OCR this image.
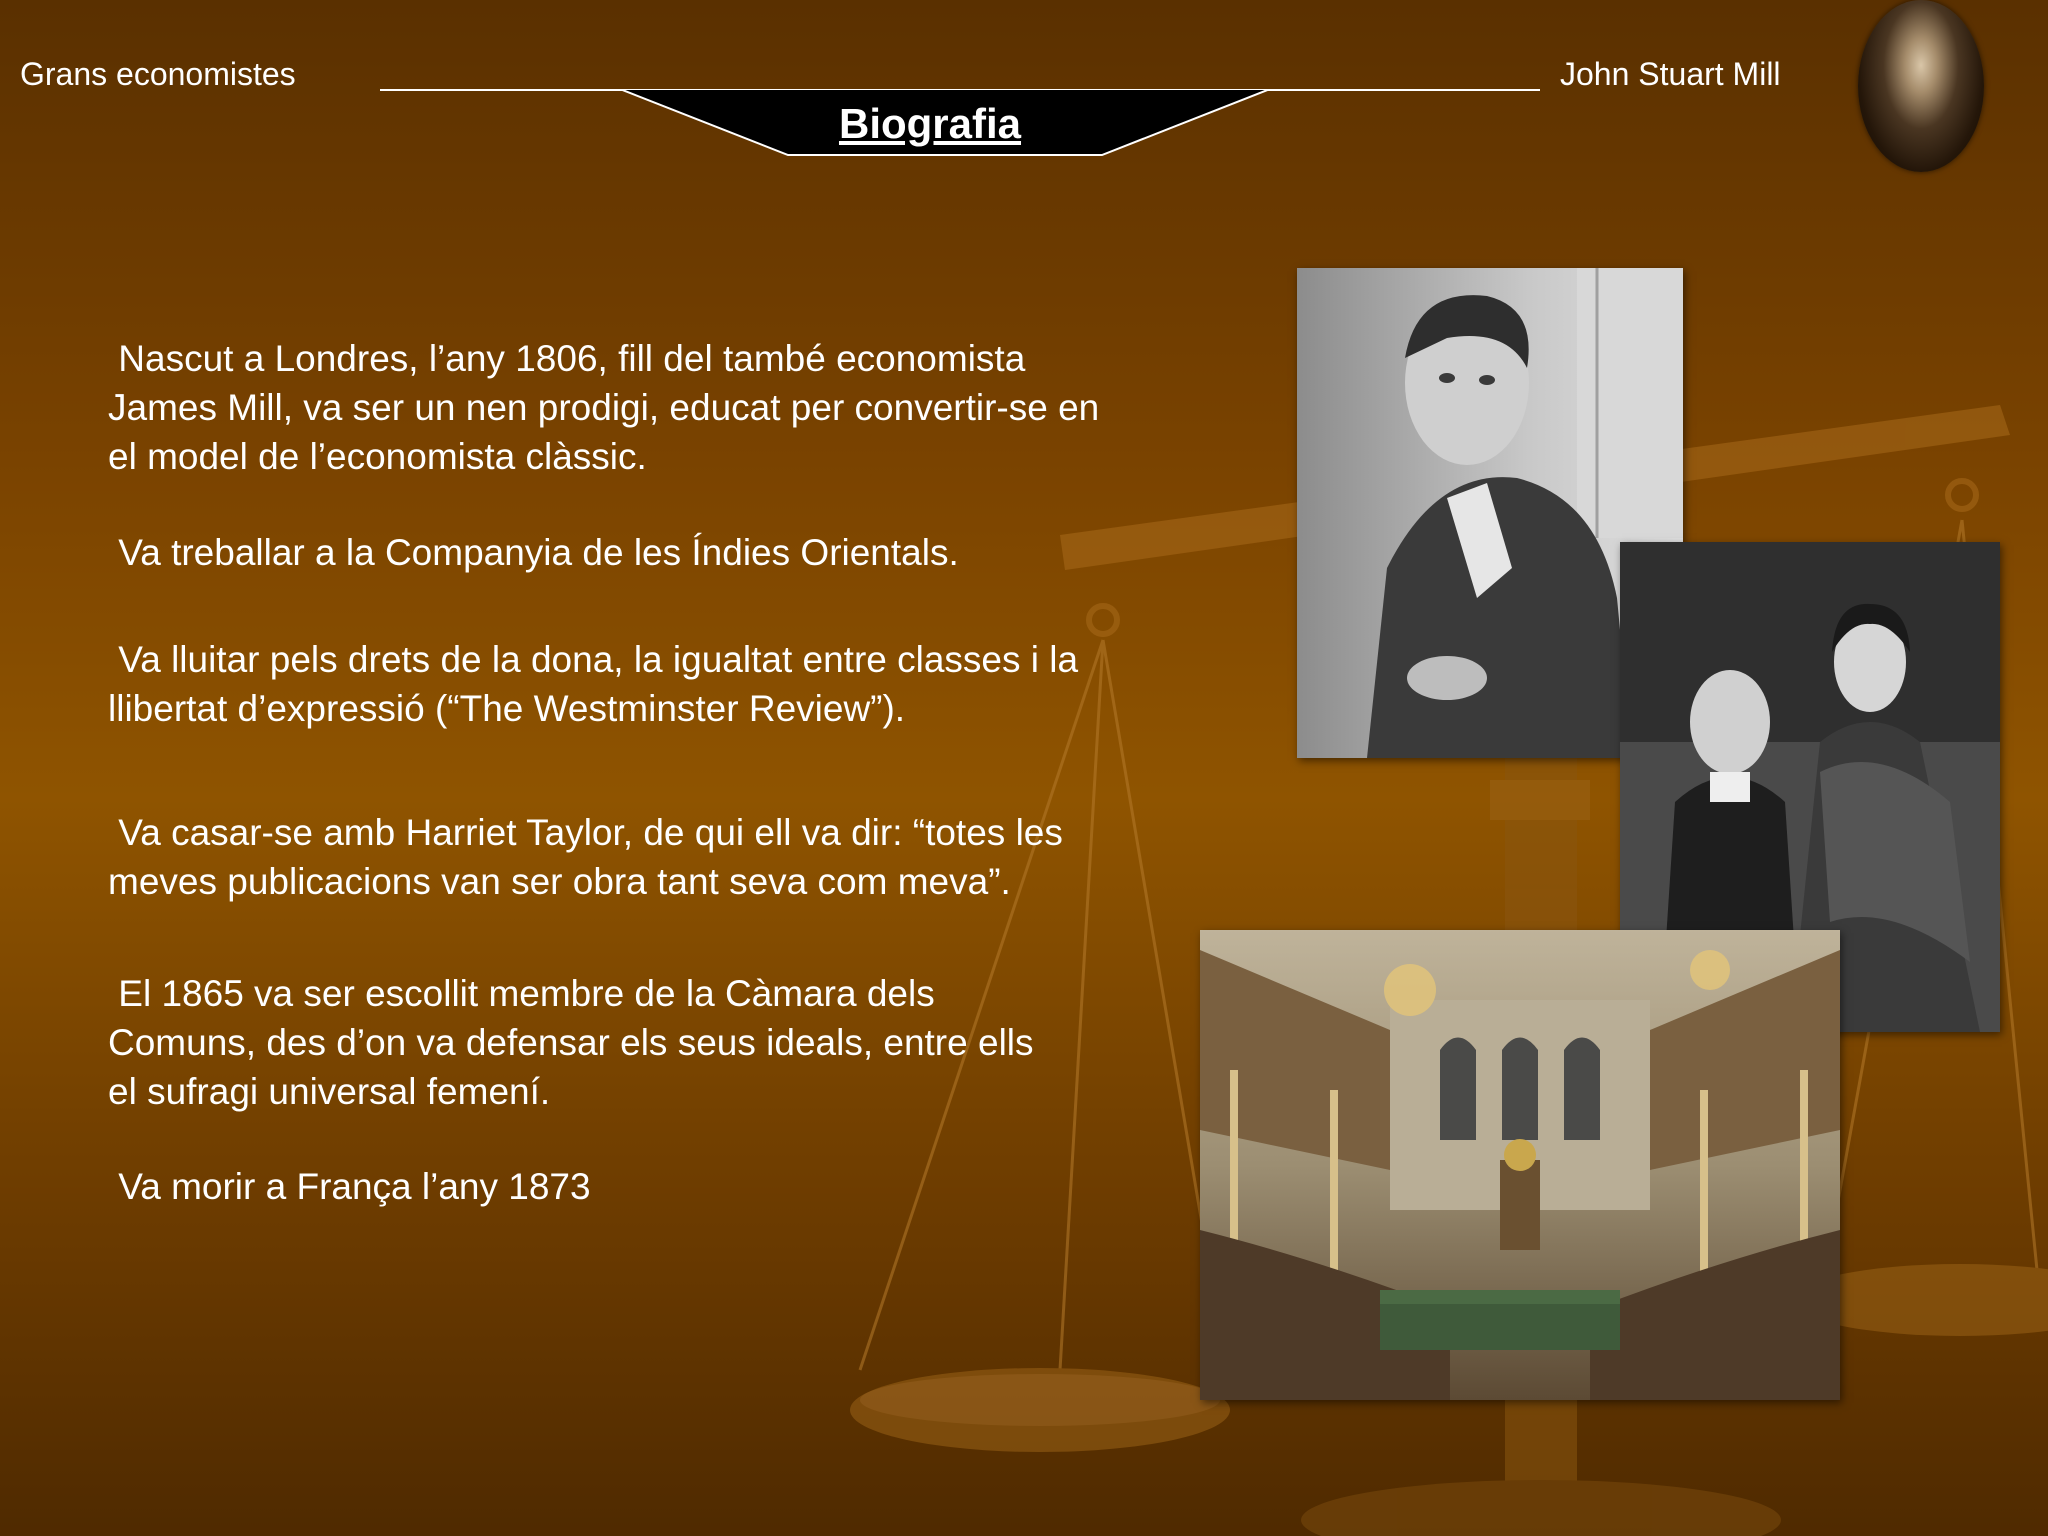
Grans economistes
Biografia
John Stuart Mill
Nascut a Londres, l’any 1806, fill del també economista
James Mill, va ser un nen prodigi, educat per convertir-se en
el model de l’economista clàssic.
Va treballar a la Companyia de les Índies Orientals.
Va lluitar pels drets de la dona, la igualtat entre classes i la
llibertat d’expressió (“The Westminster Review”).
Va casar-se amb Harriet Taylor, de qui ell va dir: “totes les
meves publicacions van ser obra tant seva com meva”.
El 1865 va ser escollit membre de la Càmara dels
Comuns, des d’on va defensar els seus ideals, entre ells
el sufragi universal femení.
Va morir a França l’any 1873
